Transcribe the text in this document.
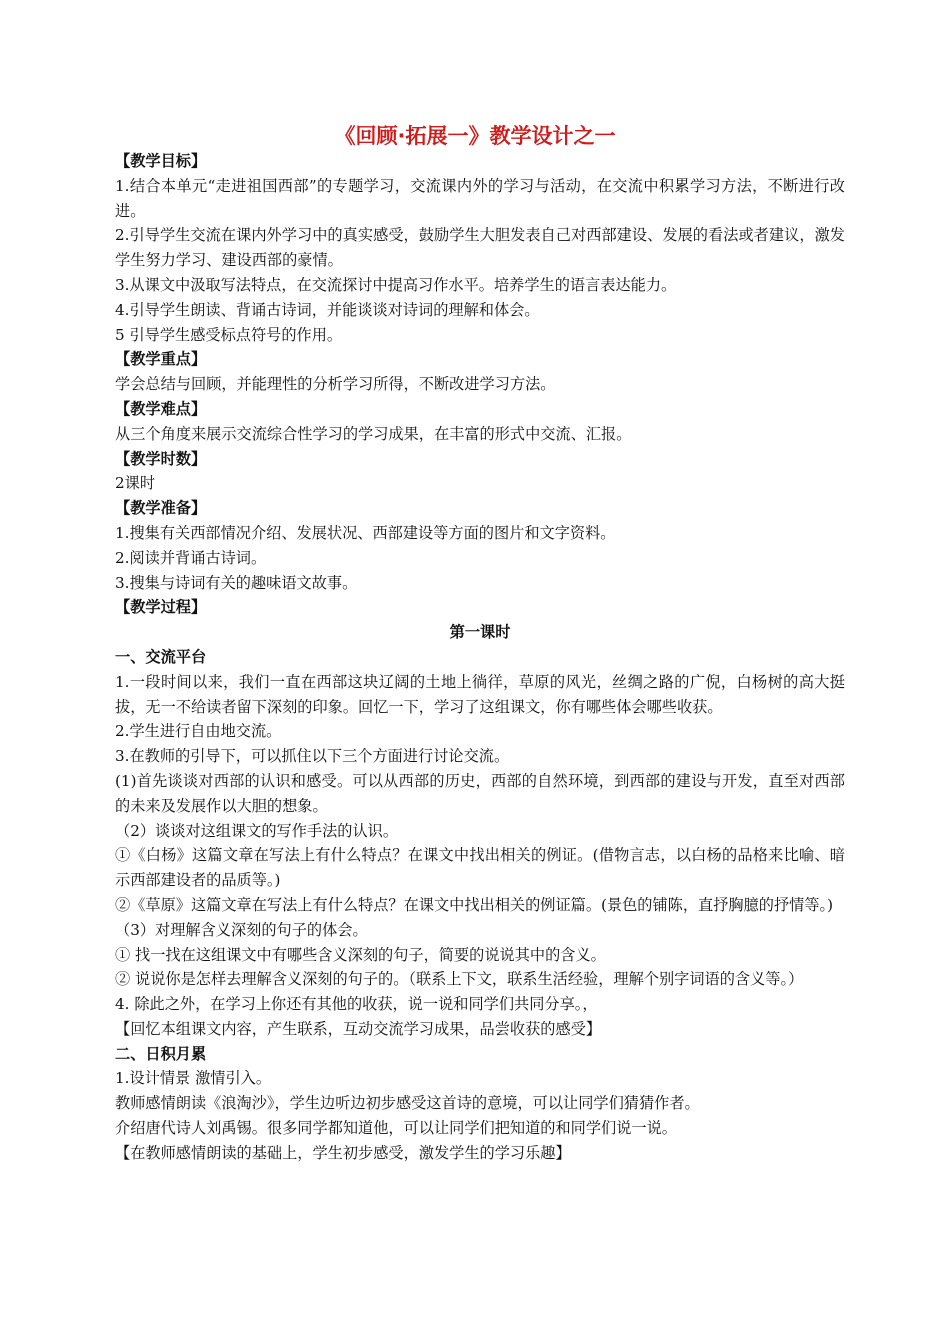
《回顾·拓展一》教学设计之一
【教学目标】
1.结合本单元“走进祖国西部”的专题学习，交流课内外的学习与活动，在交流中积累学习方法，不断进行改进。
2.引导学生交流在课内外学习中的真实感受，鼓励学生大胆发表自己对西部建设、发展的看法或者建议，激发学生努力学习、建设西部的豪情。
3.从课文中汲取写法特点，在交流探讨中提高习作水平。培养学生的语言表达能力。
4.引导学生朗读、背诵古诗词，并能谈谈对诗词的理解和体会。
5 引导学生感受标点符号的作用。
【教学重点】
学会总结与回顾，并能理性的分析学习所得，不断改进学习方法。
【教学难点】
从三个角度来展示交流综合性学习的学习成果，在丰富的形式中交流、汇报。
【教学时数】
2课时
【教学准备】
1.搜集有关西部情况介绍、发展状况、西部建设等方面的图片和文字资料。
2.阅读并背诵古诗词。
3.搜集与诗词有关的趣味语文故事。
【教学过程】
第一课时
一、交流平台
1.一段时间以来，我们一直在西部这块辽阔的土地上徜徉，草原的风光，丝绸之路的广倪，白杨树的高大挺拔，无一不给读者留下深刻的印象。回忆一下，学习了这组课文，你有哪些体会哪些收获。
2.学生进行自由地交流。
3.在教师的引导下，可以抓住以下三个方面进行讨论交流。
(1)首先谈谈对西部的认识和感受。可以从西部的历史，西部的自然环境，到西部的建设与开发，直至对西部的未来及发展作以大胆的想象。
（2）谈谈对这组课文的写作手法的认识。
①《白杨》这篇文章在写法上有什么特点？在课文中找出相关的例证。(借物言志，以白杨的品格来比喻、暗示西部建设者的品质等。)
②《草原》这篇文章在写法上有什么特点？在课文中找出相关的例证篇。(景色的铺陈，直抒胸臆的抒情等。)
（3）对理解含义深刻的句子的体会。
① 找一找在这组课文中有哪些含义深刻的句子，简要的说说其中的含义。
② 说说你是怎样去理解含义深刻的句子的。（联系上下文，联系生活经验，理解个别字词语的含义等。）
4. 除此之外，在学习上你还有其他的收获，说一说和同学们共同分享。，
【回忆本组课文内容，产生联系，互动交流学习成果，品尝收获的感受】
二、日积月累
1.设计情景 激情引入。
教师感情朗读《浪淘沙》，学生边听边初步感受这首诗的意境，可以让同学们猜猜作者。
介绍唐代诗人刘禹锡。很多同学都知道他，可以让同学们把知道的和同学们说一说。
【在教师感情朗读的基础上，学生初步感受，激发学生的学习乐趣】
